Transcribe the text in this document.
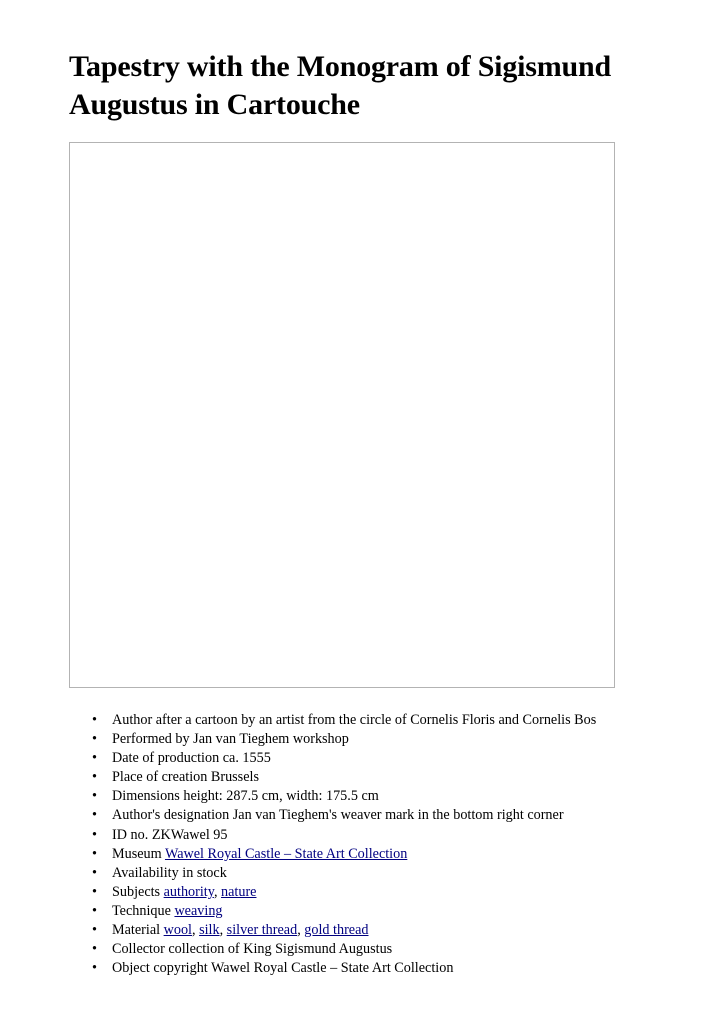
Tapestry with the Monogram of Sigismund Augustus in Cartouche
• Author after a cartoon by an artist from the circle of Cornelis Floris and Cornelis Bos
• Performed by Jan van Tieghem workshop
• Date of production ca. 1555
• Place of creation Brussels
• Dimensions height: 287.5 cm, width: 175.5 cm
• Author's designation Jan van Tieghem's weaver mark in the bottom right corner
• ID no. ZKWawel 95
• Museum Wawel Royal Castle – State Art Collection
• Availability in stock
• Subjects authority, nature
• Technique weaving
• Material wool, silk, silver thread, gold thread
• Collector collection of King Sigismund Augustus
• Object copyright Wawel Royal Castle – State Art Collection
